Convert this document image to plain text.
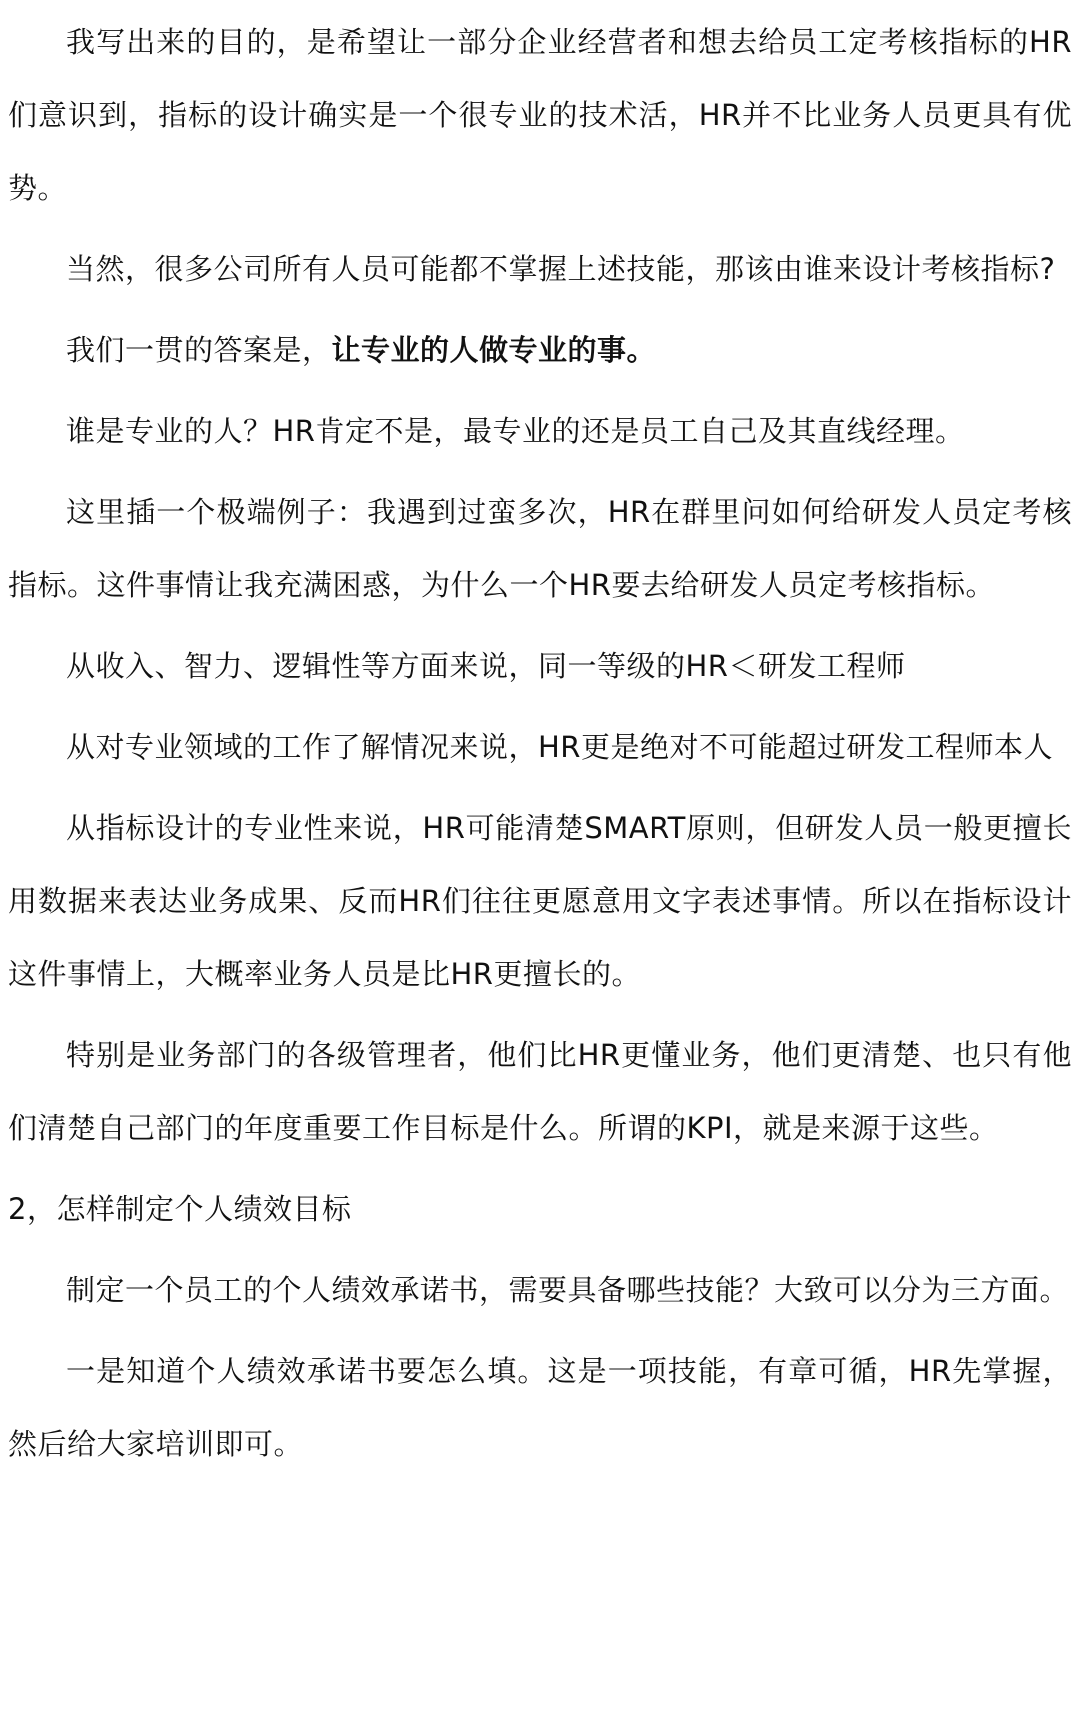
我写出来的目的，是希望让一部分企业经营者和想去给员工定考核指标的HR们意识到，指标的设计确实是一个很专业的技术活，HR并不比业务人员更具有优势。

当然，很多公司所有人员可能都不掌握上述技能，那该由谁来设计考核指标?

我们一贯的答案是，让专业的人做专业的事。

谁是专业的人？HR肯定不是，最专业的还是员工自己及其直线经理。

这里插一个极端例子：我遇到过蛮多次，HR在群里问如何给研发人员定考核指标。这件事情让我充满困惑，为什么一个HR要去给研发人员定考核指标。

从收入、智力、逻辑性等方面来说，同一等级的HR＜研发工程师

从对专业领域的工作了解情况来说，HR更是绝对不可能超过研发工程师本人

从指标设计的专业性来说，HR可能清楚SMART原则，但研发人员一般更擅长用数据来表达业务成果、反而HR们往往更愿意用文字表述事情。所以在指标设计这件事情上，大概率业务人员是比HR更擅长的。

特别是业务部门的各级管理者，他们比HR更懂业务，他们更清楚、也只有他们清楚自己部门的年度重要工作目标是什么。所谓的KPI，就是来源于这些。

2，怎样制定个人绩效目标

制定一个员工的个人绩效承诺书，需要具备哪些技能？大致可以分为三方面。

一是知道个人绩效承诺书要怎么填。这是一项技能，有章可循，HR先掌握，然后给大家培训即可。
